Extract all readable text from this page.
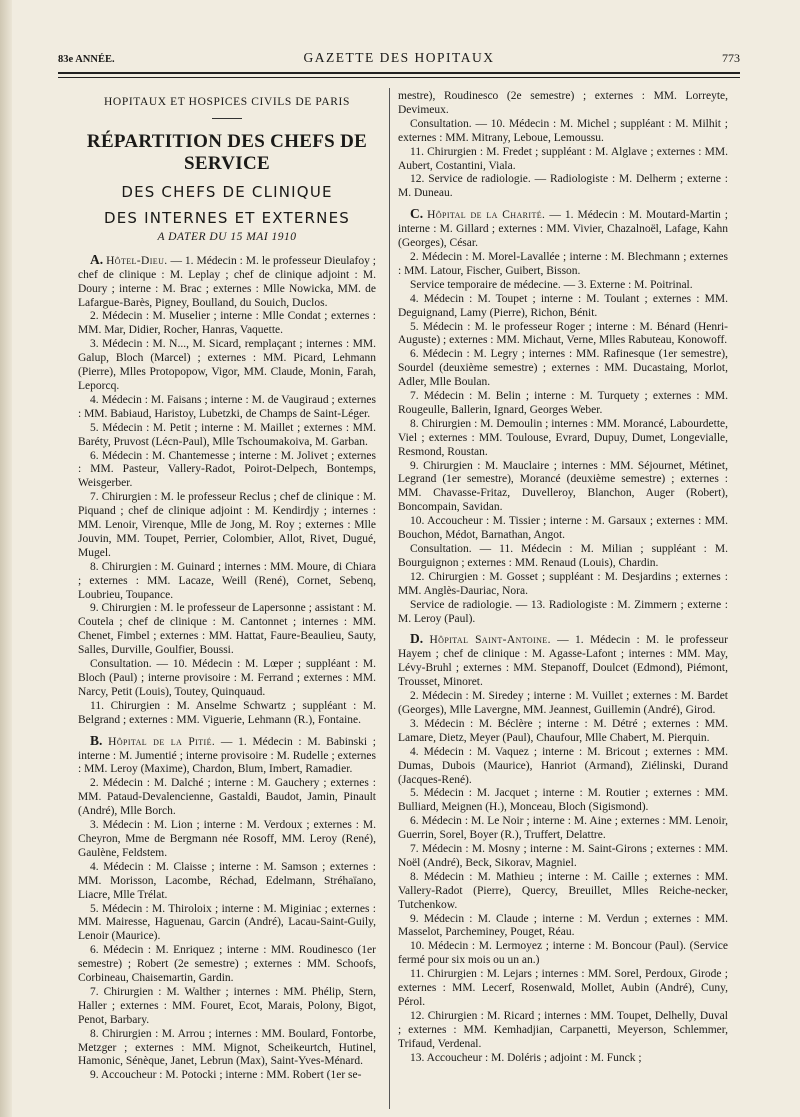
83e ANNÉE.	GAZETTE DES HOPITAUX	773

HOPITAUX ET HOSPICES CIVILS DE PARIS

RÉPARTITION DES CHEFS DE SERVICE

DES CHEFS DE CLINIQUE

DES INTERNES ET EXTERNES

A DATER DU 15 MAI 1910

A. Hôtel-Dieu. — 1. Médecin : M. le professeur Dieulafoy ; chef de clinique : M. Leplay ; chef de clinique adjoint : M. Doury ; interne : M. Brac ; externes : Mlle Nowicka, MM. de Lafargue-Barès, Pigney, Boulland, du Souich, Duclos.

2. Médecin : M. Muselier ; interne : Mlle Condat ; externes : MM. Mar, Didier, Rocher, Hanras, Vaquette.

3. Médecin : M. N..., M. Sicard, remplaçant ; internes : MM. Galup, Bloch (Marcel) ; externes : MM. Picard, Lehmann (Pierre), Mlles Protopopow, Vigor, MM. Claude, Monin, Farah, Leporcq.

4. Médecin : M. Faisans ; interne : M. de Vaugiraud ; externes : MM. Babiaud, Haristoy, Lubetzki, de Champs de Saint-Léger.

5. Médecin : M. Petit ; interne : M. Maillet ; externes : MM. Baréty, Pruvost (Lécn-Paul), Mlle Tschoumakoiva, M. Garban.

6. Médecin : M. Chantemesse ; interne : M. Jolivet ; externes : MM. Pasteur, Vallery-Radot, Poirot-Delpech, Bontemps, Weisgerber.

7. Chirurgien : M. le professeur Reclus ; chef de clinique : M. Piquand ; chef de clinique adjoint : M. Kendirdjy ; internes : MM. Lenoir, Virenque, Mlle de Jong, M. Roy ; externes : Mlle Jouvin, MM. Toupet, Perrier, Colombier, Allot, Rivet, Dugué, Mugel.

8. Chirurgien : M. Guinard ; internes : MM. Moure, di Chiara ; externes : MM. Lacaze, Weill (René), Cornet, Sebenq, Loubrieu, Toupance.

9. Chirurgien : M. le professeur de Lapersonne ; assistant : M. Coutela ; chef de clinique : M. Cantonnet ; internes : MM. Chenet, Fimbel ; externes : MM. Hattat, Faure-Beaulieu, Sauty, Salles, Durville, Goulfier, Boussi.

Consultation. — 10. Médecin : M. Lœper ; suppléant : M. Bloch (Paul) ; interne provisoire : M. Ferrand ; externes : MM. Narcy, Petit (Louis), Toutey, Quinquaud.

11. Chirurgien : M. Anselme Schwartz ; suppléant : M. Belgrand ; externes : MM. Viguerie, Lehmann (R.), Fontaine.

B. Hôpital de la Pitié. — 1. Médecin : M. Babinski ; interne : M. Jumentié ; interne provisoire : M. Rudelle ; externes : MM. Leroy (Maxime), Chardon, Blum, Imbert, Ramadier.

2. Médecin : M. Dalché ; interne : M. Gauchery ; externes : MM. Pataud-Devalencienne, Gastaldi, Baudot, Jamin, Pinault (André), Mlle Borch.

3. Médecin : M. Lion ; interne : M. Verdoux ; externes : M. Cheyron, Mme de Bergmann née Rosoff, MM. Leroy (René), Gaulène, Feldstem.

4. Médecin : M. Claisse ; interne : M. Samson ; externes : MM. Morisson, Lacombe, Réchad, Edelmann, Stréhaïano, Liacre, Mlle Trélat.

5. Médecin : M. Thiroloix ; interne : M. Miginiac ; externes : MM. Mairesse, Haguenau, Garcin (André), Lacau-Saint-Guily, Lenoir (Maurice).

6. Médecin : M. Enriquez ; interne : MM. Roudinesco (1er semestre) ; Robert (2e semestre) ; externes : MM. Schoofs, Corbineau, Chaisemartin, Gardin.

7. Chirurgien : M. Walther ; internes : MM. Phélip, Stern, Haller ; externes : MM. Fouret, Ecot, Marais, Polony, Bigot, Penot, Barbary.

8. Chirurgien : M. Arrou ; internes : MM. Boulard, Fontorbe, Metzger ; externes : MM. Mignot, Scheikeurtch, Hutinel, Hamonic, Sénèque, Janet, Lebrun (Max), Saint-Yves-Ménard.

9. Accoucheur : M. Potocki ; interne : MM. Robert (1er se-

mestre), Roudinesco (2e semestre) ; externes : MM. Lorreyte, Devimeux.

Consultation. — 10. Médecin : M. Michel ; suppléant : M. Milhit ; externes : MM. Mitrany, Leboue, Lemoussu.

11. Chirurgien : M. Fredet ; suppléant : M. Alglave ; externes : MM. Aubert, Costantini, Viala.

12. Service de radiologie. — Radiologiste : M. Delherm ; externe : M. Duneau.

C. Hôpital de la Charité. — 1. Médecin : M. Moutard-Martin ; interne : M. Gillard ; externes : MM. Vivier, Chazalnoël, Lafage, Kahn (Georges), César.

2. Médecin : M. Morel-Lavallée ; interne : M. Blechmann ; externes : MM. Latour, Fischer, Guibert, Bisson.

Service temporaire de médecine. — 3. Externe : M. Poitrinal.

4. Médecin : M. Toupet ; interne : M. Toulant ; externes : MM. Deguignand, Lamy (Pierre), Richon, Bénit.

5. Médecin : M. le professeur Roger ; interne : M. Bénard (Henri-Auguste) ; externes : MM. Michaut, Verne, Mlles Rabuteau, Konowoff.

6. Médecin : M. Legry ; internes : MM. Rafinesque (1er semestre), Sourdel (deuxième semestre) ; externes : MM. Ducastaing, Morlot, Adler, Mlle Boulan.

7. Médecin : M. Belin ; interne : M. Turquety ; externes : MM. Rougeulle, Ballerin, Ignard, Georges Weber.

8. Chirurgien : M. Demoulin ; internes : MM. Morancé, Labourdette, Viel ; externes : MM. Toulouse, Evrard, Dupuy, Dumet, Longevialle, Resmond, Roustan.

9. Chirurgien : M. Mauclaire ; internes : MM. Séjournet, Métinet, Legrand (1er semestre), Morancé (deuxième semestre) ; externes : MM. Chavasse-Fritaz, Duvelleroy, Blanchon, Auger (Robert), Boncompain, Savidan.

10. Accoucheur : M. Tissier ; interne : M. Garsaux ; externes : MM. Bouchon, Médot, Barnathan, Angot.

Consultation. — 11. Médecin : M. Milian ; suppléant : M. Bourguignon ; externes : MM. Renaud (Louis), Chardin.

12. Chirurgien : M. Gosset ; suppléant : M. Desjardins ; externes : MM. Anglès-Dauriac, Nora.

Service de radiologie. — 13. Radiologiste : M. Zimmern ; externe : M. Leroy (Paul).

D. Hôpital Saint-Antoine. — 1. Médecin : M. le professeur Hayem ; chef de clinique : M. Agasse-Lafont ; internes : MM. May, Lévy-Bruhl ; externes : MM. Stepanoff, Doulcet (Edmond), Piémont, Trousset, Minoret.

2. Médecin : M. Siredey ; interne : M. Vuillet ; externes : M. Bardet (Georges), Mlle Lavergne, MM. Jeannest, Guillemin (André), Girod.

3. Médecin : M. Béclère ; interne : M. Détré ; externes : MM. Lamare, Dietz, Meyer (Paul), Chaufour, Mlle Chabert, M. Pierquin.

4. Médecin : M. Vaquez ; interne : M. Bricout ; externes : MM. Dumas, Dubois (Maurice), Hanriot (Armand), Ziélinski, Durand (Jacques-René).

5. Médecin : M. Jacquet ; interne : M. Routier ; externes : MM. Bulliard, Meignen (H.), Monceau, Bloch (Sigismond).

6. Médecin : M. Le Noir ; interne : M. Aine ; externes : MM. Lenoir, Guerrin, Sorel, Boyer (R.), Truffert, Delattre.

7. Médecin : M. Mosny ; interne : M. Saint-Girons ; externes : MM. Noël (André), Beck, Sikorav, Magniel.

8. Médecin : M. Mathieu ; interne : M. Caille ; externes : MM. Vallery-Radot (Pierre), Quercy, Breuillet, Mlles Reiche-necker, Tutchenkow.

9. Médecin : M. Claude ; interne : M. Verdun ; externes : MM. Masselot, Parcheminey, Pouget, Réau.

10. Médecin : M. Lermoyez ; interne : M. Boncour (Paul). (Service fermé pour six mois ou un an.)

11. Chirurgien : M. Lejars ; internes : MM. Sorel, Perdoux, Girode ; externes : MM. Lecerf, Rosenwald, Mollet, Aubin (André), Cuny, Pérol.

12. Chirurgien : M. Ricard ; internes : MM. Toupet, Delhelly, Duval ; externes : MM. Kemhadjian, Carpanetti, Meyerson, Schlemmer, Trifaud, Verdenal.

13. Accoucheur : M. Doléris ; adjoint : M. Funck ;
